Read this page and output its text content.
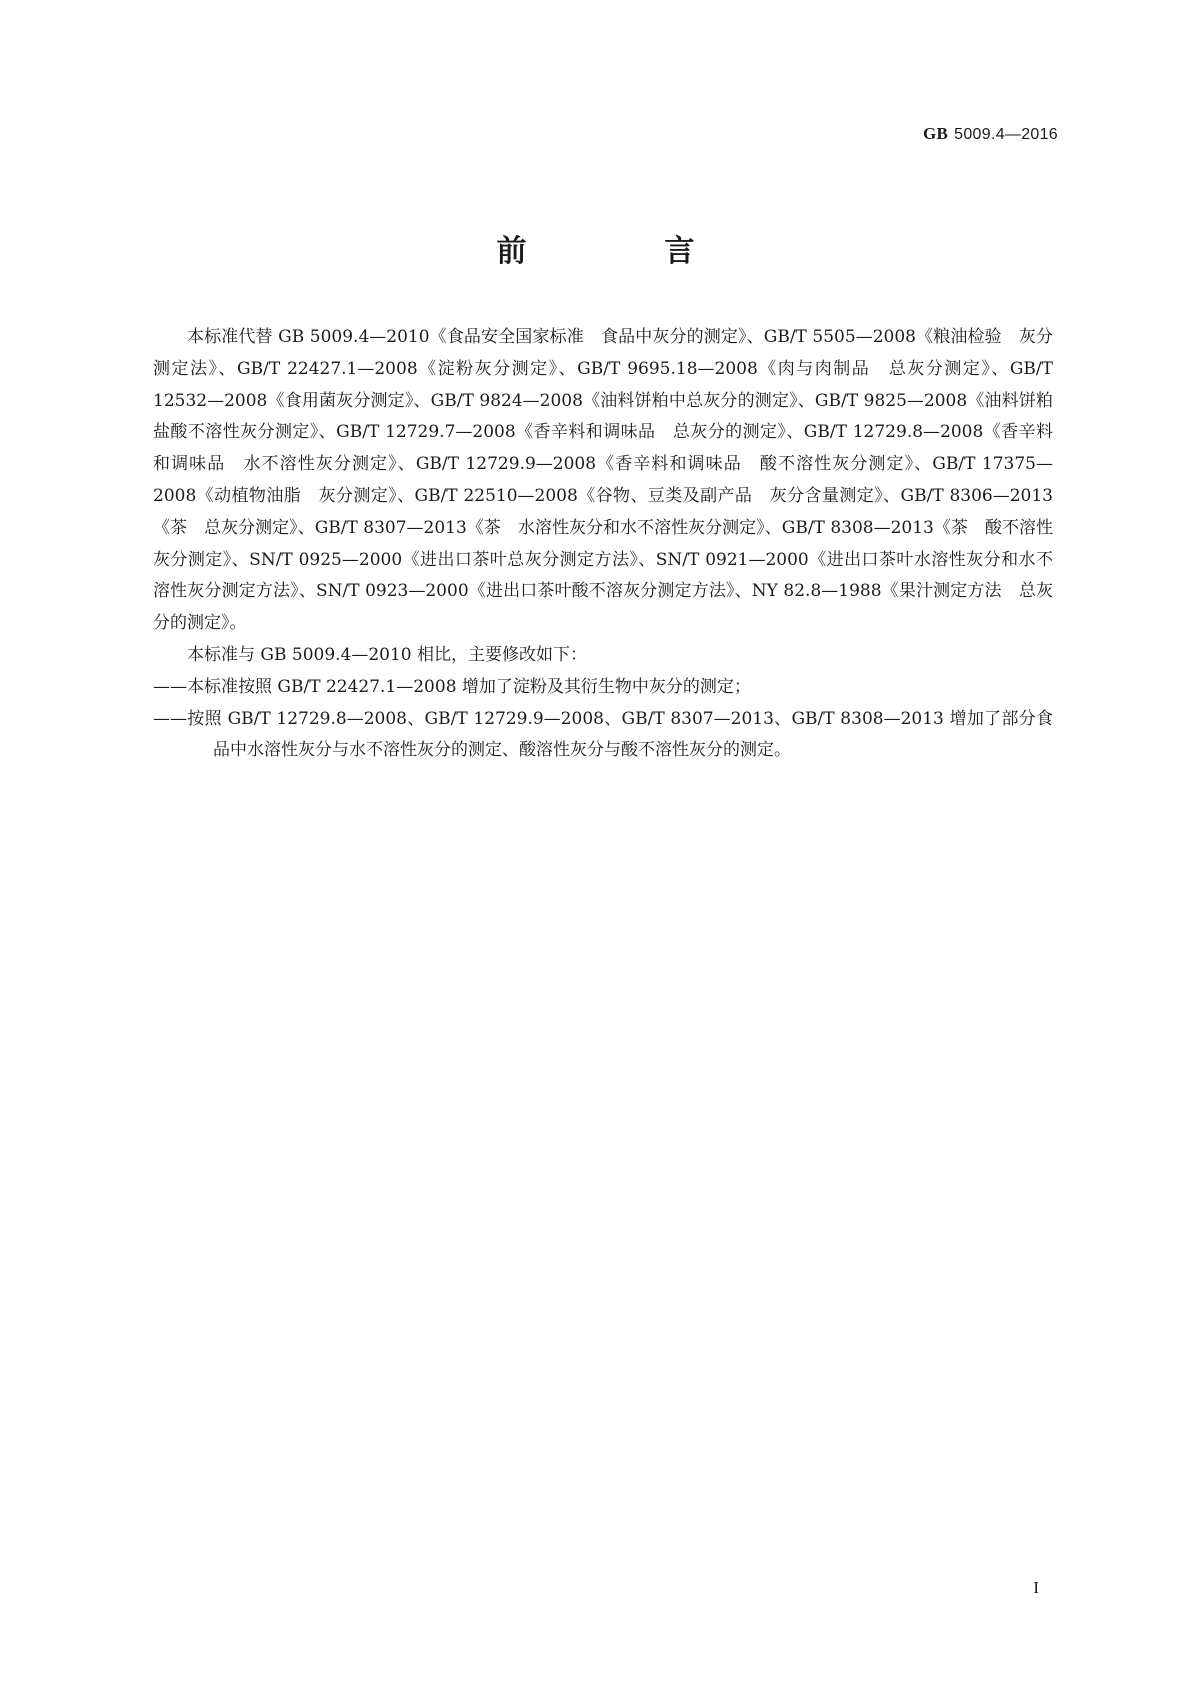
GB 5009.4—2016
前　言

本标准代替 GB 5009.4—2010《食品安全国家标准　食品中灰分的测定》、GB/T 5505—2008《粮油检验　灰分测定法》、GB/T 22427.1—2008《淀粉灰分测定》、GB/T 9695.18—2008《肉与肉制品　总灰分测定》、GB/T 12532—2008《食用菌灰分测定》、GB/T 9824—2008《油料饼粕中总灰分的测定》、GB/T 9825—2008《油料饼粕盐酸不溶性灰分测定》、GB/T 12729.7—2008《香辛料和调味品　总灰分的测定》、GB/T 12729.8—2008《香辛料和调味品　水不溶性灰分测定》、GB/T 12729.9—2008《香辛料和调味品　酸不溶性灰分测定》、GB/T 17375—2008《动植物油脂　灰分测定》、GB/T 22510—2008《谷物、豆类及副产品　灰分含量测定》、GB/T 8306—2013《茶　总灰分测定》、GB/T 8307—2013《茶　水溶性灰分和水不溶性灰分测定》、GB/T 8308—2013《茶　酸不溶性灰分测定》、SN/T 0925—2000《进出口茶叶总灰分测定方法》、SN/T 0921—2000《进出口茶叶水溶性灰分和水不溶性灰分测定方法》、SN/T 0923—2000《进出口茶叶酸不溶灰分测定方法》、NY 82.8—1988《果汁测定方法　总灰分的测定》。

本标准与 GB 5009.4—2010 相比，主要修改如下：

——本标准按照 GB/T 22427.1—2008 增加了淀粉及其衍生物中灰分的测定；

——按照 GB/T 12729.8—2008、GB/T 12729.9—2008、GB/T 8307—2013、GB/T 8308—2013 增加了部分食品中水溶性灰分与水不溶性灰分的测定、酸溶性灰分与酸不溶性灰分的测定。

I
